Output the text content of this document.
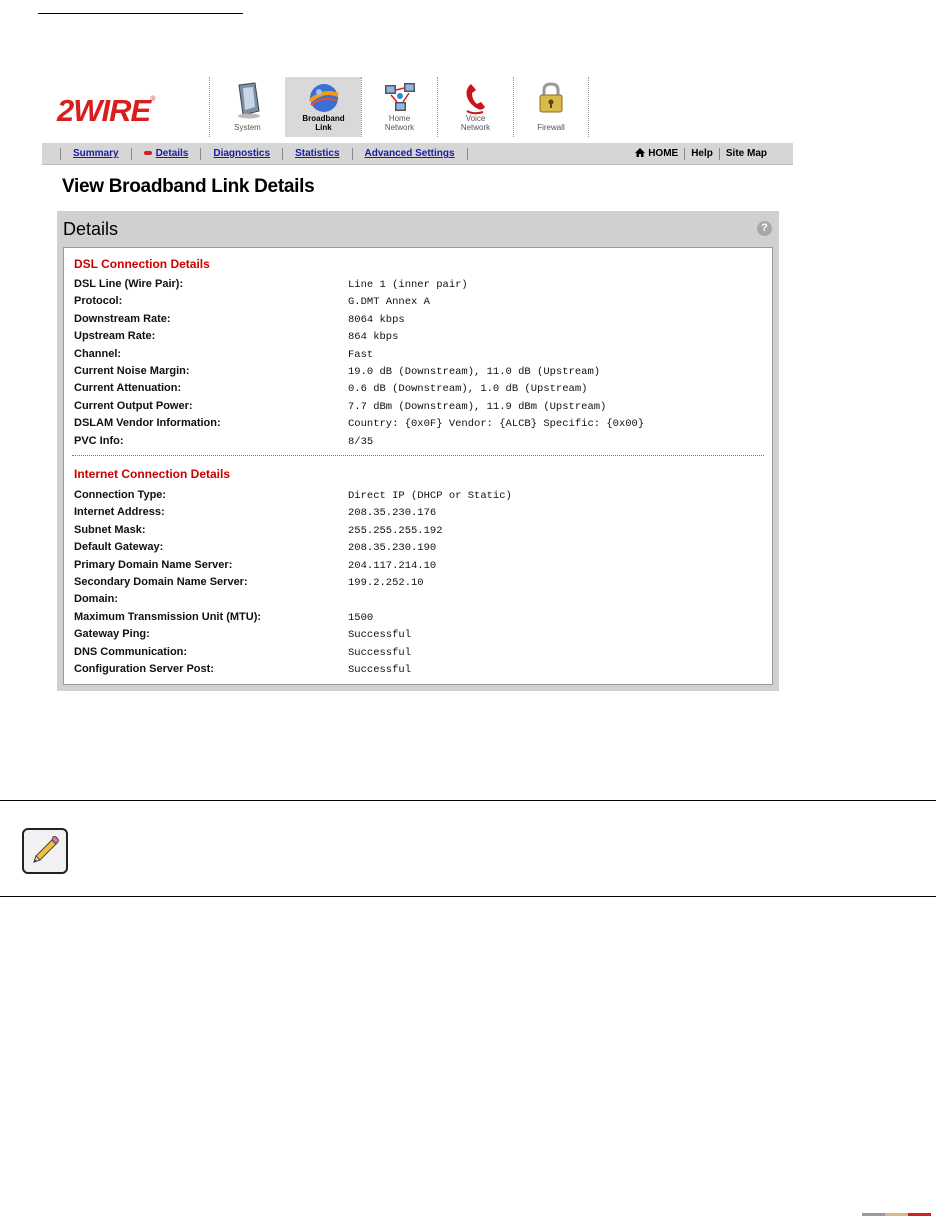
2WIRE®
System
Broadband
Link
Home
Network
Voice
Network	Firewall
Summary	Details	Diagnostics	Statistics	Advanced Settings	HOME	Help	Site Map
View Broadband Link Details
Details	?
DSL Connection Details
DSL Line (Wire Pair):	Line 1 (inner pair)
Protocol:	G.DMT Annex A
Downstream Rate:	8064 kbps
Upstream Rate:	864 kbps
Channel:	Fast
Current Noise Margin:	19.0 dB (Downstream), 11.0 dB (Upstream)
Current Attenuation:	0.6 dB (Downstream), 1.0 dB (Upstream)
Current Output Power:	7.7 dBm (Downstream), 11.9 dBm (Upstream)
DSLAM Vendor Information:	Country: {0x0F} Vendor: {ALCB} Specific: {0x00}
PVC Info:	8/35
Internet Connection Details
Connection Type:	Direct IP (DHCP or Static)
Internet Address:	208.35.230.176
Subnet Mask:	255.255.255.192
Default Gateway:	208.35.230.190
Primary Domain Name Server:	204.117.214.10
Secondary Domain Name Server:	199.2.252.10
Domain:
Maximum Transmission Unit (MTU):	1500
Gateway Ping:	Successful
DNS Communication:	Successful
Configuration Server Post:	Successful
